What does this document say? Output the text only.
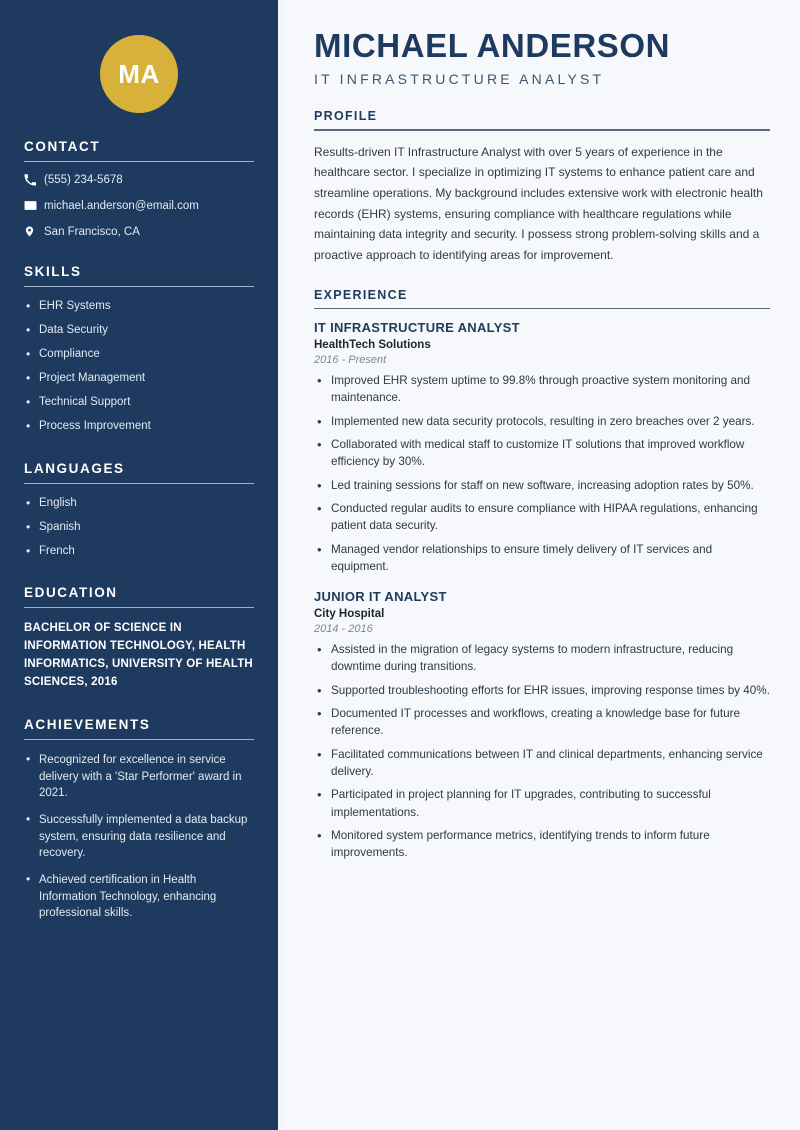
MA
CONTACT
(555) 234-5678
michael.anderson@email.com
San Francisco, CA
SKILLS
• EHR Systems
• Data Security
• Compliance
• Project Management
• Technical Support
• Process Improvement
LANGUAGES
• English
• Spanish
• French
EDUCATION
BACHELOR OF SCIENCE IN INFORMATION TECHNOLOGY, HEALTH INFORMATICS, UNIVERSITY OF HEALTH SCIENCES, 2016
ACHIEVEMENTS
• Recognized for excellence in service delivery with a 'Star Performer' award in 2021.
• Successfully implemented a data backup system, ensuring data resilience and recovery.
• Achieved certification in Health Information Technology, enhancing professional skills.
MICHAEL ANDERSON
IT INFRASTRUCTURE ANALYST
PROFILE

Results-driven IT Infrastructure Analyst with over 5 years of experience in the healthcare sector. I specialize in optimizing IT systems to enhance patient care and streamline operations. My background includes extensive work with electronic health records (EHR) systems, ensuring compliance with healthcare regulations while maintaining data integrity and security. I possess strong problem-solving skills and a proactive approach to identifying areas for improvement.

EXPERIENCE
IT INFRASTRUCTURE ANALYST
HealthTech Solutions
2016 - Present
• Improved EHR system uptime to 99.8% through proactive system monitoring and maintenance.
• Implemented new data security protocols, resulting in zero breaches over 2 years.
• Collaborated with medical staff to customize IT solutions that improved workflow efficiency by 30%.
• Led training sessions for staff on new software, increasing adoption rates by 50%.
• Conducted regular audits to ensure compliance with HIPAA regulations, enhancing patient data security.
• Managed vendor relationships to ensure timely delivery of IT services and equipment.
JUNIOR IT ANALYST
City Hospital
2014 - 2016
• Assisted in the migration of legacy systems to modern infrastructure, reducing downtime during transitions.
• Supported troubleshooting efforts for EHR issues, improving response times by 40%.
• Documented IT processes and workflows, creating a knowledge base for future reference.
• Facilitated communications between IT and clinical departments, enhancing service delivery.
• Participated in project planning for IT upgrades, contributing to successful implementations.
• Monitored system performance metrics, identifying trends to inform future improvements.
